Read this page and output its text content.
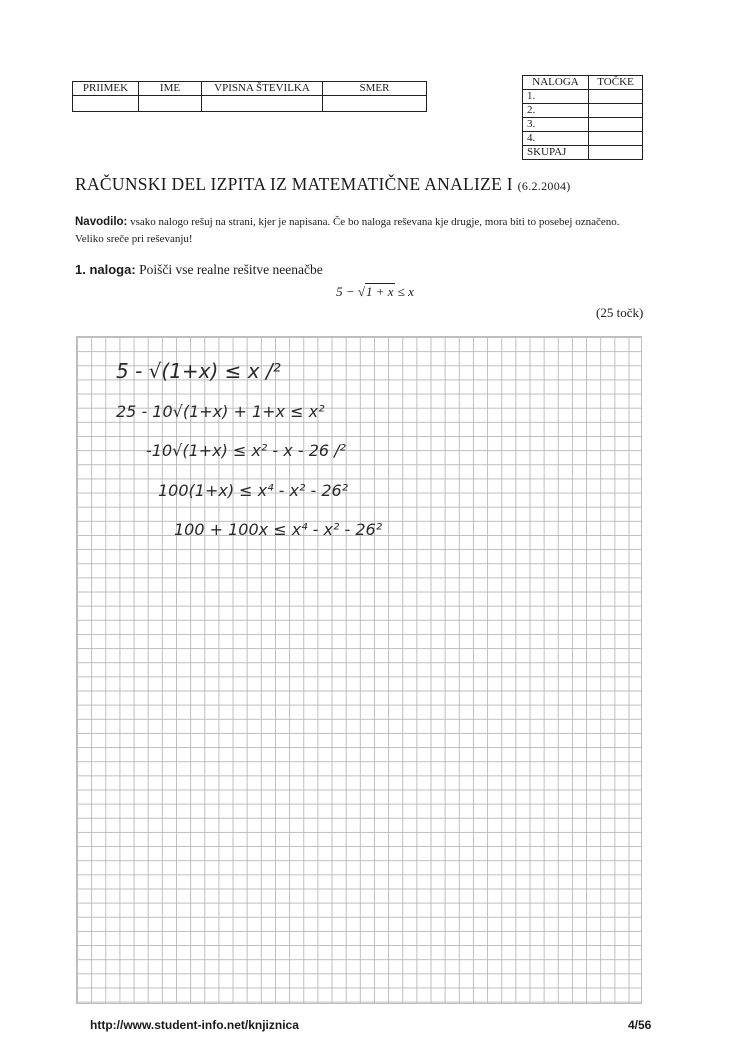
PRIIMEK	IME	VPISNA ŠTEVILKA	SMER
				NALOGA	TOČKE
1.	
2.	
3.	
4.	
SKUPAJ	
RAČUNSKI DEL IZPITA IZ MATEMATIČNE ANALIZE I (6.2.2004)
Navodilo: vsako nalogo rešuj na strani, kjer je napisana. Če bo naloga reševana kje drugje, mora biti to posebej označeno. Veliko sreče pri reševanju!
1. naloga: Poišči vse realne rešitve neenačbe
5 − √1 + x ≤ x
(25 točk)
5 - √(1+x) ≤ x /²
25 - 10√(1+x) + 1+x ≤ x²
-10√(1+x) ≤ x² - x - 26 /²
100(1+x) ≤ x⁴ - x² - 26²
100 + 100x ≤ x⁴ - x² - 26²
http://www.student-info.net/knjiznica	4/56
